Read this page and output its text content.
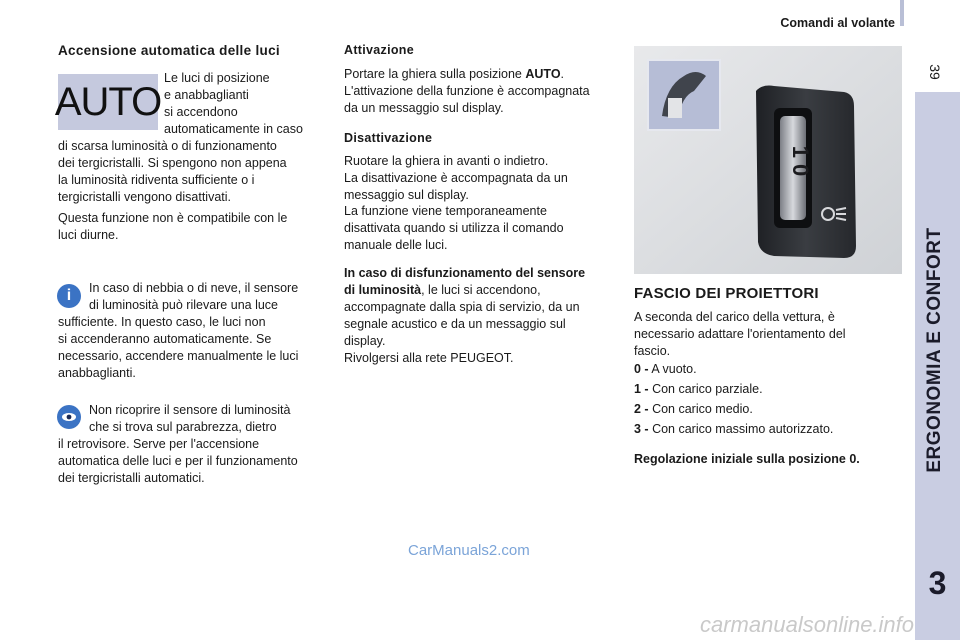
Comandi al volante
39
ERGONOMIA E CONFORT
3
Accensione automatica delle luci
AUTO
Le luci di posizione
e anabbaglianti
si accendono
automaticamente in caso
di scarsa luminosità o di funzionamento
dei tergicristalli. Si spengono non appena
la luminosità ridiventa sufficiente o i
tergicristalli vengono disattivati.
Questa funzione non è compatibile con le
luci diurne.
i	In caso di nebbia o di neve, il sensore
di luminosità può rilevare una luce
sufficiente. In questo caso, le luci non
si accenderanno automaticamente. Se
necessario, accendere manualmente le luci
anabbaglianti.
Non ricoprire il sensore di luminosità
che si trova sul parabrezza, dietro
il retrovisore. Serve per l'accensione
automatica delle luci e per il funzionamento
dei tergicristalli automatici.
Attivazione
Portare la ghiera sulla posizione AUTO.
L'attivazione della funzione è accompagnata
da un messaggio sul display.
Disattivazione
Ruotare la ghiera in avanti o indietro.
La disattivazione è accompagnata da un
messaggio sul display.
La funzione viene temporaneamente
disattivata quando si utilizza il comando
manuale delle luci.
In caso di disfunzionamento del sensore
di luminosità, le luci si accendono,
accompagnate dalla spia di servizio, da un
segnale acustico e da un messaggio sul
display.
Rivolgersi alla rete PEUGEOT.
1 0
FASCIO DEI PROIETTORI
A seconda del carico della vettura, è
necessario adattare l'orientamento del
fascio.
0 - A vuoto.
1 - Con carico parziale.
2 - Con carico medio.
3 - Con carico massimo autorizzato.
Regolazione iniziale sulla posizione 0.
CarManuals2.com
carmanualsonline.info
